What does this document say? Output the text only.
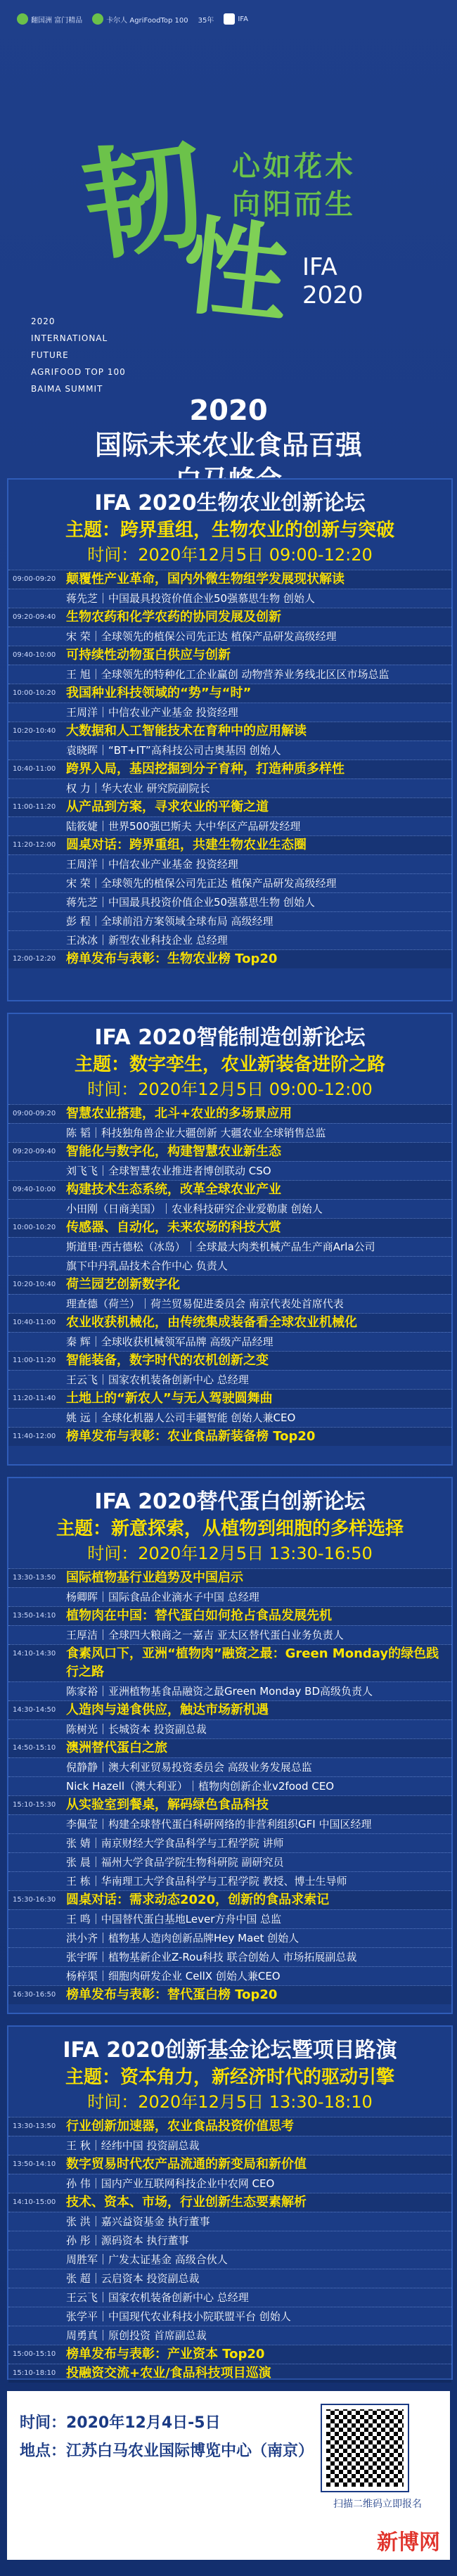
翻国洲 富门精品	卡尔人 AgriFoodTop 100 35年	IFA
韧
性
心如花木
向阳而生
IFA
2020
2020
INTERNATIONAL
FUTURE
AGRIFOOD TOP 100
BAIMA SUMMIT
2020
国际未来农业食品百强
IFA 2020生物农业创新论坛
主题：跨界重组，生物农业的创新与突破
时间：2020年12月5日 09:00-12:20
09:00-09:20 颠覆性产业革命，国内外微生物组学发展现状解读
蒋先芝｜中国最具投资价值企业50强慕思生物 创始人
09:20-09:40 生物农药和化学农药的协同发展及创新
宋 荣｜全球领先的植保公司先正达 植保产品研发高级经理
09:40-10:00 可持续性动物蛋白供应与创新
王 旭｜全球领先的特种化工企业赢创 动物营养业务线北区区市场总监
10:00-10:20 我国种业科技领域的“势”与“时”
王周洋｜中信农业产业基金 投资经理
10:20-10:40 大数据和人工智能技术在育种中的应用解读
袁晓晖｜“BT+IT”高科技公司古奥基因 创始人
10:40-11:00 跨界入局，基因挖掘到分子育种，打造种质多样性
权 力｜华大农业 研究院副院长
11:00-11:20 从产品到方案，寻求农业的平衡之道
陆筱婕｜世界500强巴斯夫 大中华区产品研发经理
11:20-12:00 圆桌对话：跨界重组，共建生物农业生态圈
王周洋｜中信农业产业基金 投资经理
宋 荣｜全球领先的植保公司先正达 植保产品研发高级经理
蒋先芝｜中国最具投资价值企业50强慕思生物 创始人
彭 程｜全球前沿方案领域全球布局 高级经理
王冰冰｜新型农业科技企业 总经理
12:00-12:20 榜单发布与表彰：生物农业榜 Top20
IFA 2020智能制造创新论坛
主题：数字孪生，农业新装备进阶之路
时间：2020年12月5日 09:00-12:00
09:00-09:20 智慧农业搭建，北斗+农业的多场景应用
陈 韬｜科技独角兽企业大疆创新 大疆农业全球销售总监
09:20-09:40 智能化与数字化，构建智慧农业新生态
刘飞飞｜全球智慧农业推进者博创联动 CSO
09:40-10:00 构建技术生态系统，改革全球农业产业
小田刚（日商美国）｜农业科技研究企业爱勒康 创始人
10:00-10:20 传感器、自动化，未来农场的科技大赏
斯道里·西古德松（冰岛）｜全球最大肉类机械产品生产商Arla公司
旗下中丹乳品技术合作中心 负责人
10:20-10:40 荷兰园艺创新数字化
理查德（荷兰）｜荷兰贸易促进委员会 南京代表处首席代表
10:40-11:00 农业收获机械化，由传统集成装备看全球农业机械化
秦 辉｜全球收获机械领军品牌 高级产品经理
11:00-11:20 智能装备，数字时代的农机创新之变
王云飞｜国家农机装备创新中心 总经理
11:20-11:40 土地上的“新农人”与无人驾驶圆舞曲
姚 远｜全球化机器人公司丰疆智能 创始人兼CEO
11:40-12:00 榜单发布与表彰：农业食品新装备榜 Top20
IFA 2020替代蛋白创新论坛
主题：新意探索，从植物到细胞的多样选择
时间：2020年12月5日 13:30-16:50
13:30-13:50 国际植物基行业趋势及中国启示
杨卿晖｜国际食品企业滴水子中国 总经理
13:50-14:10 植物肉在中国：替代蛋白如何抢占食品发展先机
王厚洁｜全球四大粮商之一嘉吉 亚太区替代蛋白业务负责人
14:10-14:30 食素风口下，亚洲“植物肉”融资之最：Green Monday的绿色践行之路
陈家裕｜亚洲植物基食品融资之最Green Monday BD高级负责人
14:30-14:50 人造肉与递食供应，触达市场新机遇
陈树光｜长城资本 投资副总裁
14:50-15:10 澳洲替代蛋白之旅
倪静静｜澳大利亚贸易投资委员会 高级业务发展总监
Nick Hazell（澳大利亚）｜植物肉创新企业v2food CEO
15:10-15:30 从实验室到餐桌，解码绿色食品科技
李佩莹｜构建全球替代蛋白科研网络的非营利组织GFI 中国区经理
张 婧｜南京财经大学食品科学与工程学院 讲师
张 晨｜福州大学食品学院生物科研院 副研究员
王 栋｜华南理工大学食品科学与工程学院 教授、博士生导师
15:30-16:30 圆桌对话：需求动态2020，创新的食品求索记
王 鸣｜中国替代蛋白基地Lever方舟中国 总监
洪小齐｜植物基人造肉创新品牌Hey Maet 创始人
张宇晖｜植物基新企业Z-Rou科技 联合创始人 市场拓展副总裁
杨梓渠｜细胞肉研发企业 CellX 创始人兼CEO
16:30-16:50 榜单发布与表彰：替代蛋白榜 Top20
IFA 2020创新基金论坛暨项目路演
主题：资本角力，新经济时代的驱动引擎
时间：2020年12月5日 13:30-18:10
13:30-13:50 行业创新加速器，农业食品投资价值思考
王 秋｜经纬中国 投资副总裁
13:50-14:10 数字贸易时代农产品流通的新变局和新价值
孙 伟｜国内产业互联网科技企业中农网 CEO
14:10-15:00 技术、资本、市场，行业创新生态要素解析
张 洪｜嘉兴益资基金 执行董事
孙 彤｜源码资本 执行董事
周胜军｜广发太证基金 高级合伙人
张 超｜云启资本 投资副总裁
王云飞｜国家农机装备创新中心 总经理
张学平｜中国现代农业科技小院联盟平台 创始人
周勇真｜原创投资 首席副总裁
15:00-15:10 榜单发布与表彰：产业资本 Top20
15:10-18:10 投融资交流+农业/食品科技项目巡演
时间：2020年12月4日-5日
地点：江苏白马农业国际博览中心（南京）
扫描二维码立即报名
新博网
